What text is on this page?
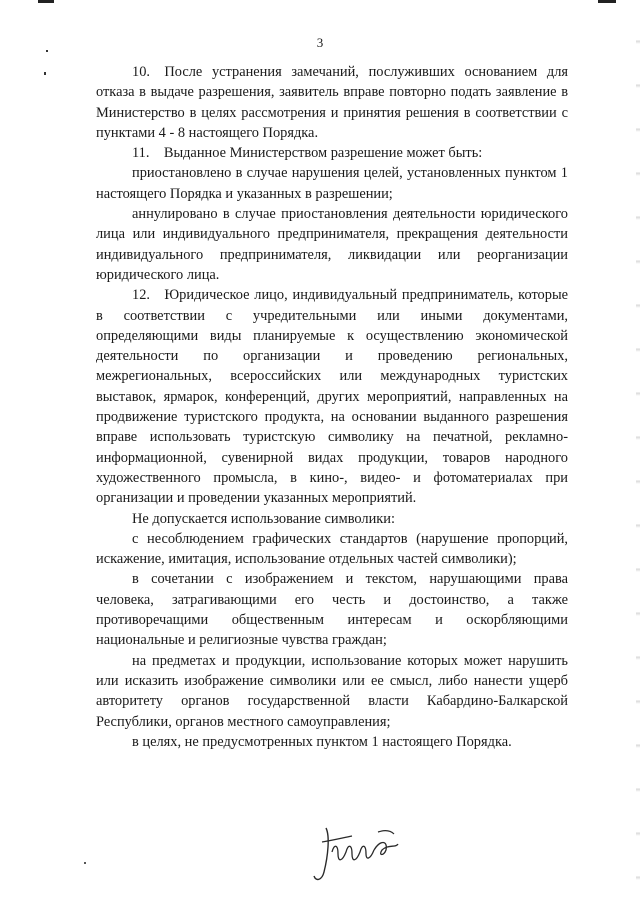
3

10. После устранения замечаний, послуживших основанием для отказа в выдаче разрешения, заявитель вправе повторно подать заявление в Министерство в целях рассмотрения и принятия решения в соответствии с пунктами 4 - 8 настоящего Порядка.

11. Выданное Министерством разрешение может быть:

приостановлено в случае нарушения целей, установленных пунктом 1 настоящего Порядка и указанных в разрешении;

аннулировано в случае приостановления деятельности юридического лица или индивидуального предпринимателя, прекращения деятельности индивидуального предпринимателя, ликвидации или реорганизации юридического лица.

12. Юридическое лицо, индивидуальный предприниматель, которые в соответствии с учредительными или иными документами, определяющими виды планируемые к осуществлению экономической деятельности по организации и проведению региональных, межрегиональных, всероссийских или международных туристских выставок, ярмарок, конференций, других мероприятий, направленных на продвижение туристского продукта, на основании выданного разрешения вправе использовать туристскую символику на печатной, рекламно-информационной, сувенирной видах продукции, товаров народного художественного промысла, в кино-, видео- и фотоматериалах при организации и проведении указанных мероприятий.

Не допускается использование символики:

с несоблюдением графических стандартов (нарушение пропорций, искажение, имитация, использование отдельных частей символики);

в сочетании с изображением и текстом, нарушающими права человека, затрагивающими его честь и достоинство, а также противоречащими общественным интересам и оскорбляющими национальные и религиозные чувства граждан;

на предметах и продукции, использование которых может нарушить или исказить изображение символики или ее смысл, либо нанести ущерб авторитету органов государственной власти Кабардино-Балкарской Республики, органов местного самоуправления;

в целях, не предусмотренных пунктом 1 настоящего Порядка.
